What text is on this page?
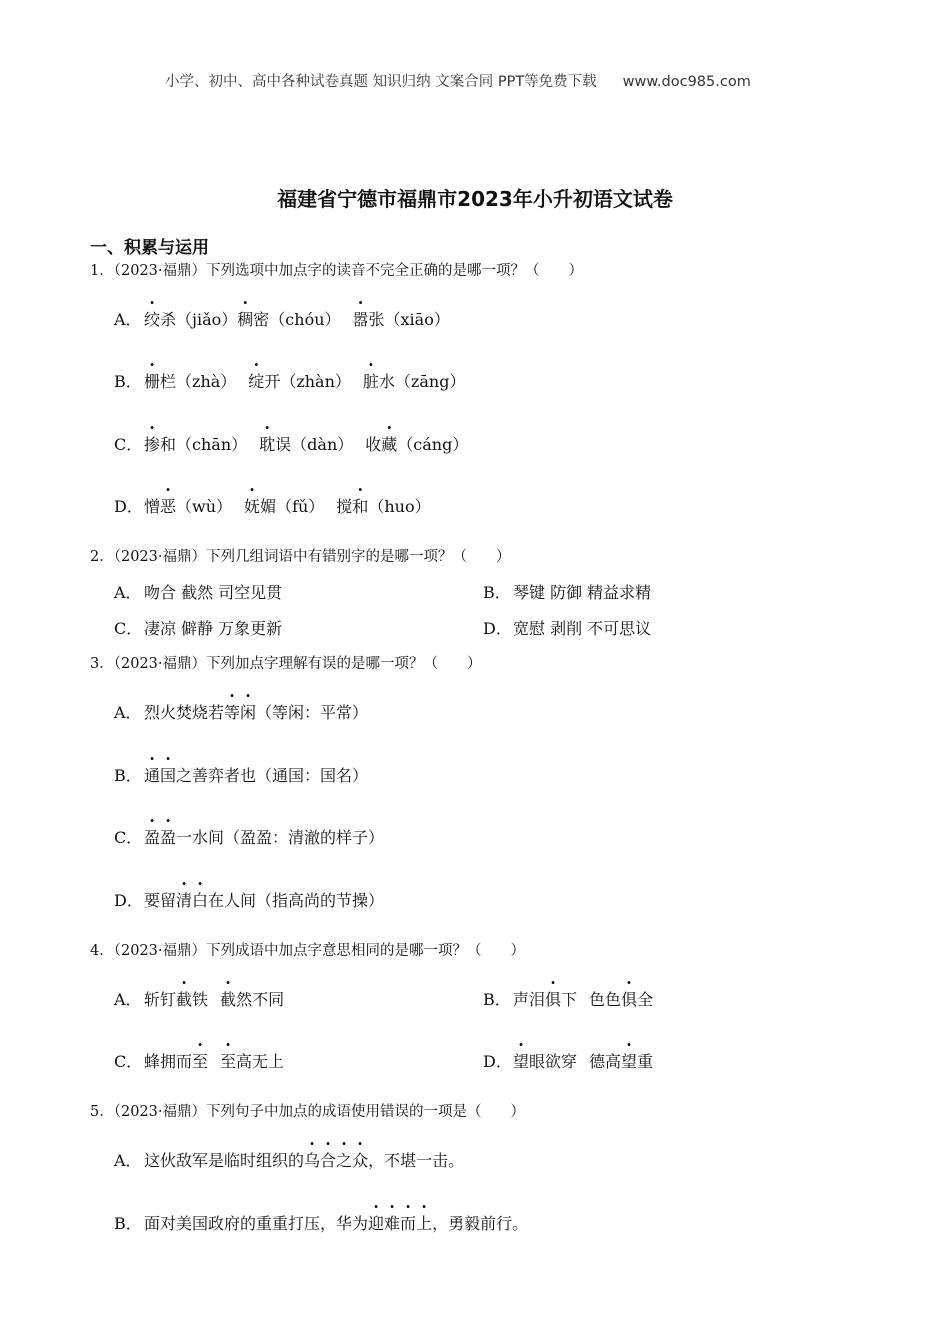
小学、初中、高中各种试卷真题 知识归纳 文案合同 PPT等免费下载 www.doc985.com
福建省宁德市福鼎市2023年小升初语文试卷
一、积累与运用
1．（2023·福鼎）下列选项中加点字的读音不完全正确的是哪一项？（　　）
A． 绞杀（jiǎo）稠密（chóu） 嚣张（xiāo）
B． 栅栏（zhà） 绽开（zhàn） 脏水（zāng）
C． 掺和（chān） 耽误（dàn） 收藏（cáng）
D．憎恶（wù） 妩媚（fǔ） 搅和（huo）
2．（2023·福鼎）下列几组词语中有错别字的是哪一项？（　　）
A． 吻合 截然 司空见贯	B． 琴键 防御 精益求精
C． 凄凉 僻静 万象更新	D．宽慰 剥削 不可思议
3．（2023·福鼎）下列加点字理解有误的是哪一项？（　　）
A． 烈火焚烧若等闲（等闲：平常）
B． 通国之善弈者也（通国：国名）
C． 盈盈一水间（盈盈：清澈的样子）
D．要留清白在人间（指高尚的节操）
4．（2023·福鼎）下列成语中加点字意思相同的是哪一项？（　　）
A． 斩钉截铁 截然不同	B． 声泪俱下 色色俱全
C． 蜂拥而至 至高无上	D．望眼欲穿 德高望重
5．（2023·福鼎）下列句子中加点的成语使用错误的一项是（　　）
A． 这伙敌军是临时组织的乌合之众，不堪一击。
B． 面对美国政府的重重打压，华为迎难而上，勇毅前行。
